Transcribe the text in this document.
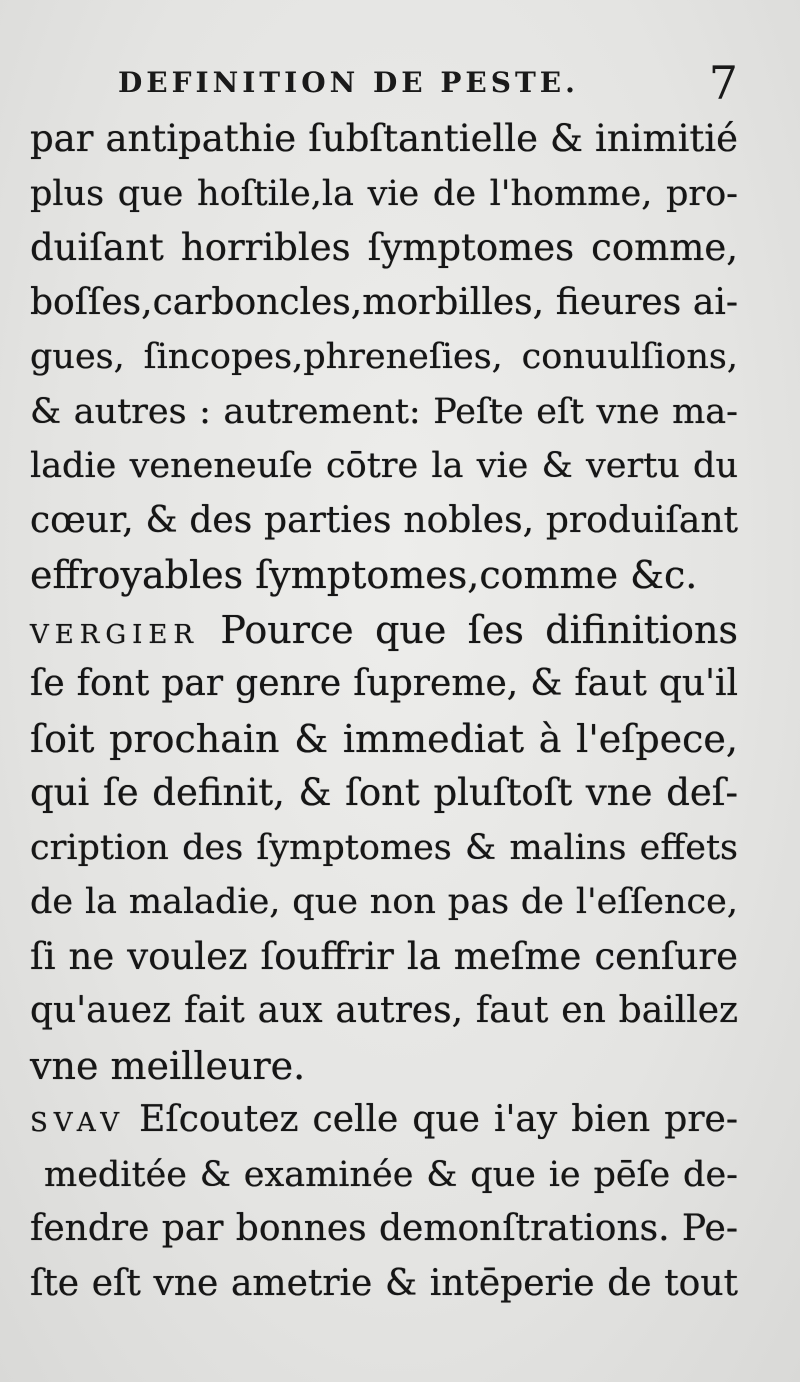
DEFINITION DE PESTE.	7
par antipathie ſubſtantielle & inimitié
plus que hoſtile,la vie de l'homme, pro-
duiſant horribles ſymptomes comme,
boſſes,carboncles,morbilles, fieures ai-
gues, ſincopes,phreneſies, conuulſions,
& autres : autrement: Peſte eſt vne ma-
ladie veneneuſe cōtre la vie & vertu du
cœur, & des parties nobles, produiſant
effroyables ſymptomes,comme &c.
VERGIER Pource que ſes difinitions
ſe font par genre ſupreme, & faut qu'il
ſoit prochain & immediat à l'eſpece,
qui ſe definit, & ſont pluſtoſt vne deſ-
cription des ſymptomes & malins effets
de la maladie, que non pas de l'eſſence,
ſi ne voulez ſouffrir la meſme cenſure
qu'auez fait aux autres, faut en baillez
vne meilleure.
SVAV Eſcoutez celle que i'ay bien pre-
meditée & examinée & que ie pēſe de-
fendre par bonnes demonſtrations. Pe-
ſte eſt vne ametrie & intēperie de tout
